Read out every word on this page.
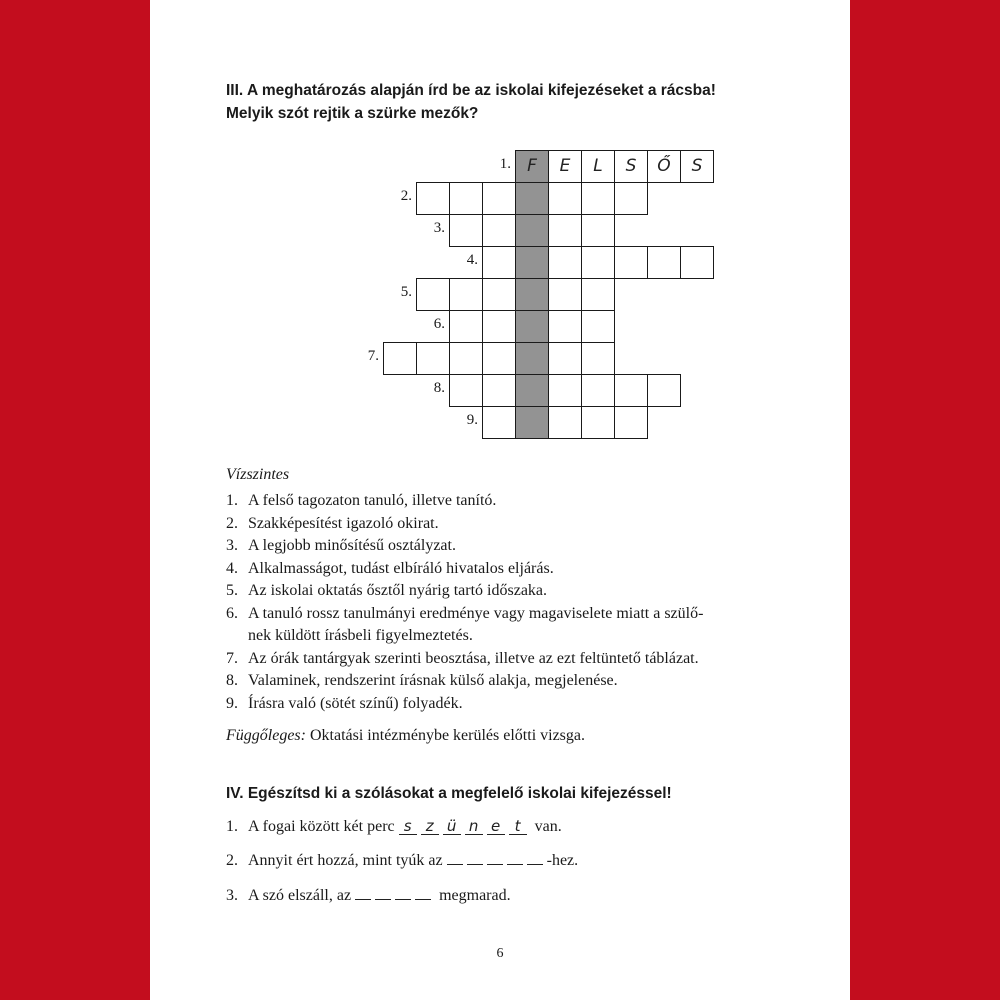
III. A meghatározás alapján írd be az iskolai kifejezéseket a rácsba!
Melyik szót rejtik a szürke mezők?
1. F	E	L	S	Ő	S
2.
3.
4.
5.
6.
7.
8.
9.
Vízszintes
1. A felső tagozaton tanuló, illetve tanító.
2. Szakképesítést igazoló okirat.
3. A legjobb minősítésű osztályzat.
4. Alkalmasságot, tudást elbíráló hivatalos eljárás.
5. Az iskolai oktatás ősztől nyárig tartó időszaka.
6. A tanuló rossz tanulmányi eredménye vagy magaviselete miatt a szülő-
nek küldött írásbeli figyelmeztetés.
7. Az órák tantárgyak szerinti beosztása, illetve az ezt feltüntető táblázat.
8. Valaminek, rendszerint írásnak külső alakja, megjelenése.
9. Írásra való (sötét színű) folyadék.
Függőleges: Oktatási intézménybe kerülés előtti vizsga.
IV. Egészítsd ki a szólásokat a megfelelő iskolai kifejezéssel!
1. A fogai között két perc s z ü n e t van.
2. Annyit ért hozzá, mint tyúk az	-hez.
3. A szó elszáll, az	megmarad.
6
